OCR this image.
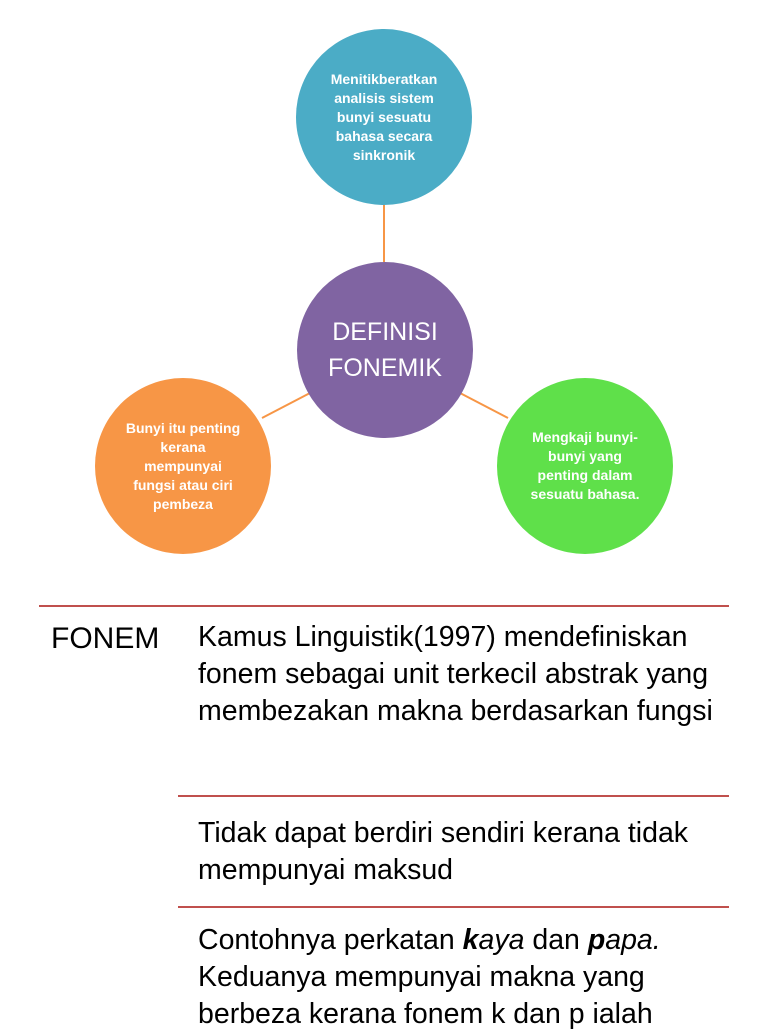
Menitikberatkan analisis sistem bunyi sesuatu bahasa secara sinkronik
DEFINISI FONEMIK
Bunyi itu penting kerana mempunyai fungsi atau ciri pembeza
Mengkaji bunyi-bunyi yang penting dalam sesuatu bahasa.
FONEM Kamus Linguistik(1997) mendefiniskan fonem sebagai unit terkecil abstrak yang membezakan makna berdasarkan fungsi
Tidak dapat berdiri sendiri kerana tidak mempunyai maksud
Contohnya perkatan kaya dan papa. Keduanya mempunyai makna yang berbeza kerana fonem k dan p ialah
